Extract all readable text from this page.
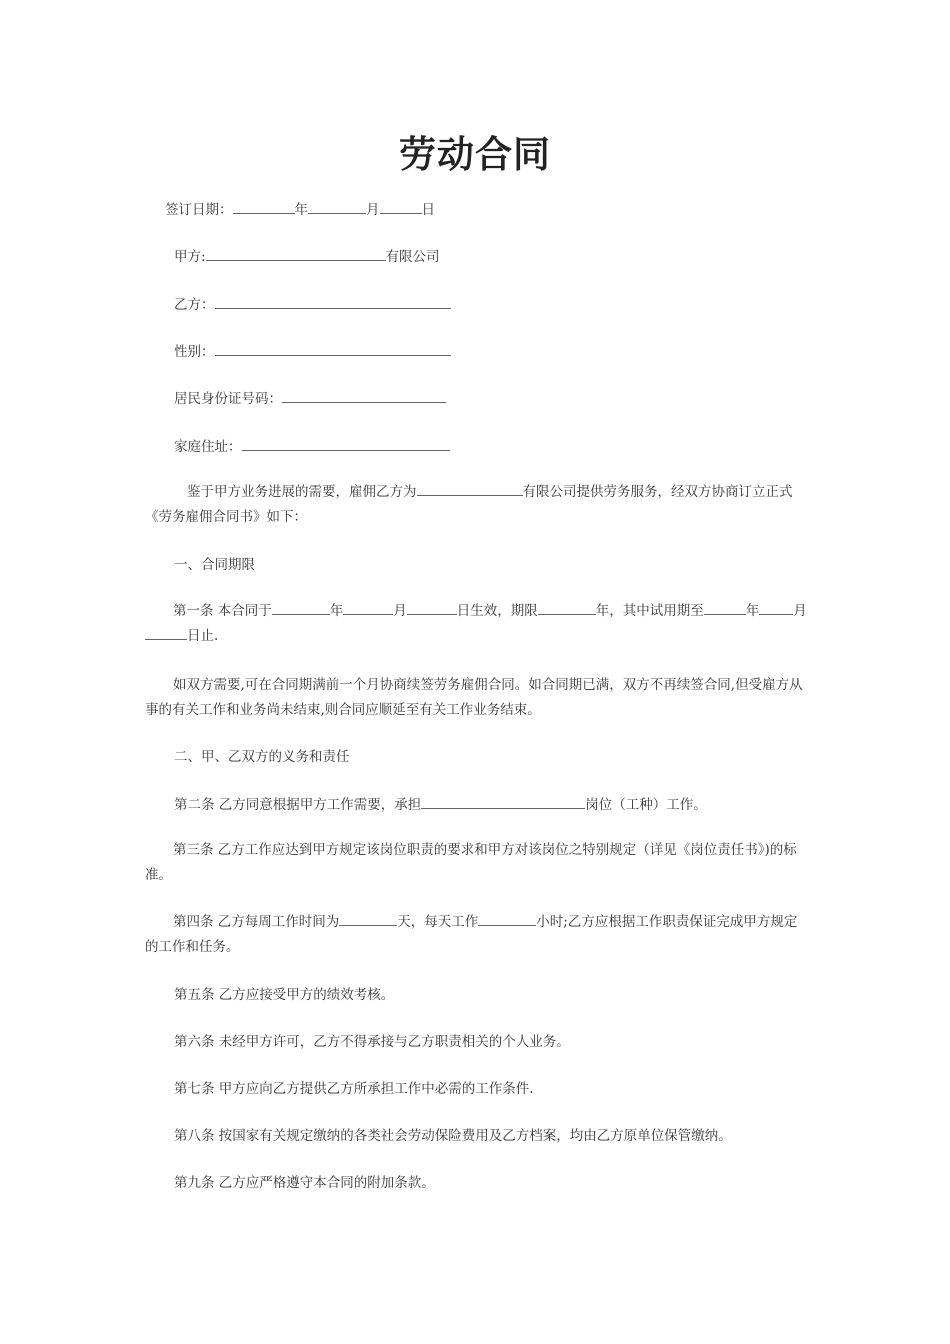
劳动合同

签订日期：	年	月	日

甲方:	有限公司

乙方：

性别：

居民身份证号码：

家庭住址：

鉴于甲方业务进展的需要，雇佣乙方为	有限公司提供劳务服务，经双方协商订立正式《劳务雇佣合同书》如下：

一、合同期限

第一条 本合同于	年	月	日生效，期限	年，其中试用期至	年	月日止.

如双方需要,可在合同期满前一个月协商续签劳务雇佣合同。如合同期已满，双方不再续签合同,但受雇方从事的有关工作和业务尚未结束,则合同应顺延至有关工作业务结束。

二、甲、乙双方的义务和责任

第二条 乙方同意根据甲方工作需要，承担	岗位（工种）工作。

第三条 乙方工作应达到甲方规定该岗位职责的要求和甲方对该岗位之特别规定（详见《岗位责任书》)的标准。

第四条 乙方每周工作时间为	天，每天工作	小时;乙方应根据工作职责保证完成甲方规定的工作和任务。

第五条 乙方应接受甲方的绩效考核。

第六条 未经甲方许可，乙方不得承接与乙方职责相关的个人业务。

第七条 甲方应向乙方提供乙方所承担工作中必需的工作条件.

第八条 按国家有关规定缴纳的各类社会劳动保险费用及乙方档案，均由乙方原单位保管缴纳。

第九条 乙方应严格遵守本合同的附加条款。
